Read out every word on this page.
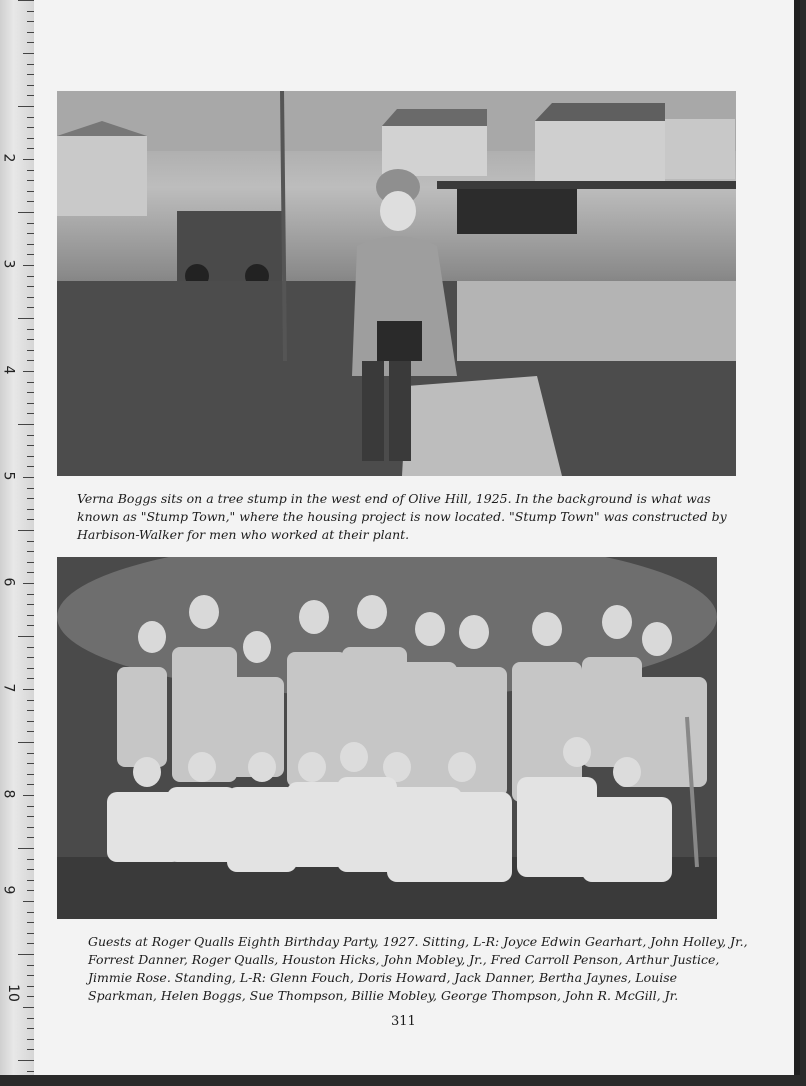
2
3
4
5
6
7
8
9
10

Verna Boggs sits on a tree stump in the west end of Olive Hill, 1925. In the background is what was known as "Stump Town," where the housing project is now located. "Stump Town" was constructed by Harbison-Walker for men who worked at their plant.

Guests at Roger Qualls Eighth Birthday Party, 1927. Sitting, L-R: Joyce Edwin Gearhart, John Holley, Jr., Forrest Danner, Roger Qualls, Houston Hicks, John Mobley, Jr., Fred Carroll Penson, Arthur Justice, Jimmie Rose. Standing, L-R: Glenn Fouch, Doris Howard, Jack Danner, Bertha Jaynes, Louise Sparkman, Helen Boggs, Sue Thompson, Billie Mobley, George Thompson, John R. McGill, Jr.

311
